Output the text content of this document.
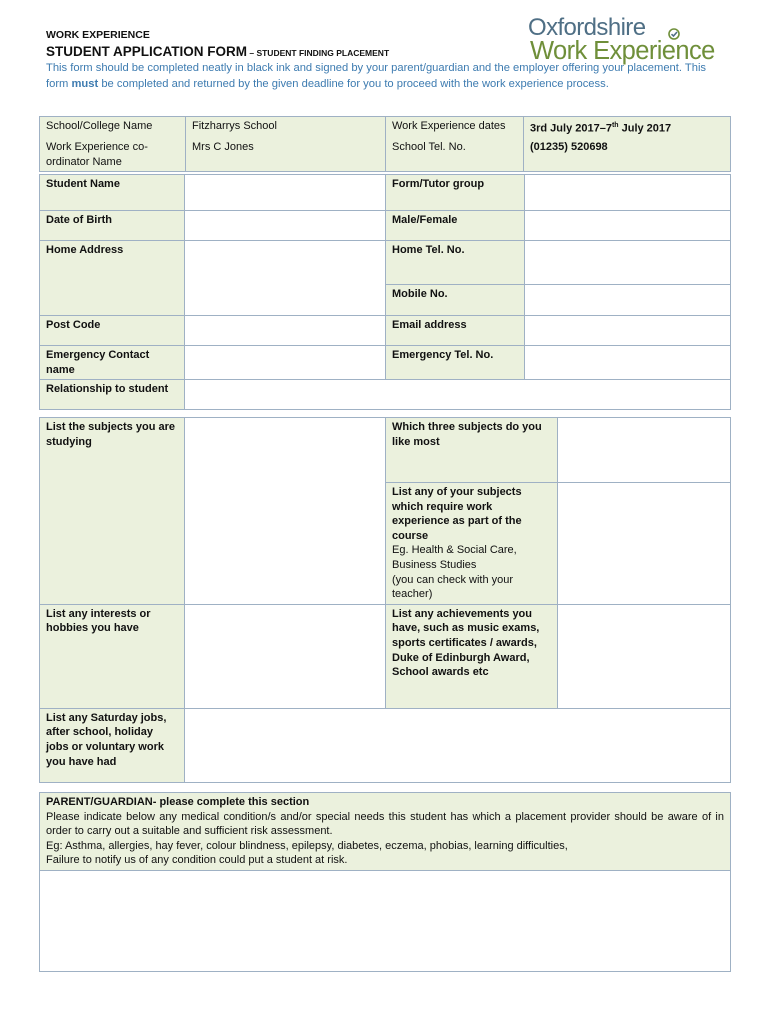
WORK EXPERIENCE
STUDENT APPLICATION FORM – STUDENT FINDING PLACEMENT
This form should be completed neatly in black ink and signed by your parent/guardian and the employer offering your placement. This form must be completed and returned by the given deadline for you to proceed with the work experience process.
Oxfordshire
Work Experience
School/College Name	Fitzharrys School	Work Experience dates	3rd July 2017–7th July 2017
Work Experience co-ordinator Name	Mrs C Jones	School Tel. No.	(01235) 520698
Student Name		Form/Tutor group	
Date of Birth		Male/Female	
Home Address		Home Tel. No.	
		Mobile No.	
Post Code		Email address	
Emergency Contact name		Emergency Tel. No.	
Relationship to student			
List the subjects you are studying		Which three subjects do you like most	

		List any of your subjects which require work experience as part of the course
Eg. Health & Social Care, Business Studies
(you can check with your teacher)	

List any interests or hobbies you have		List any achievements you have, such as music exams, sports certificates / awards, Duke of Edinburgh Award, School awards etc	
List any Saturday jobs, after school, holiday jobs or voluntary work you have had			
PARENT/GUARDIAN- please complete this section
Please indicate below any medical condition/s and/or special needs this student has which a placement provider should be aware of in order to carry out a suitable and sufficient risk assessment.
Eg: Asthma, allergies, hay fever, colour blindness, epilepsy, diabetes, eczema, phobias, learning difficulties,
Failure to notify us of any condition could put a student at risk.
